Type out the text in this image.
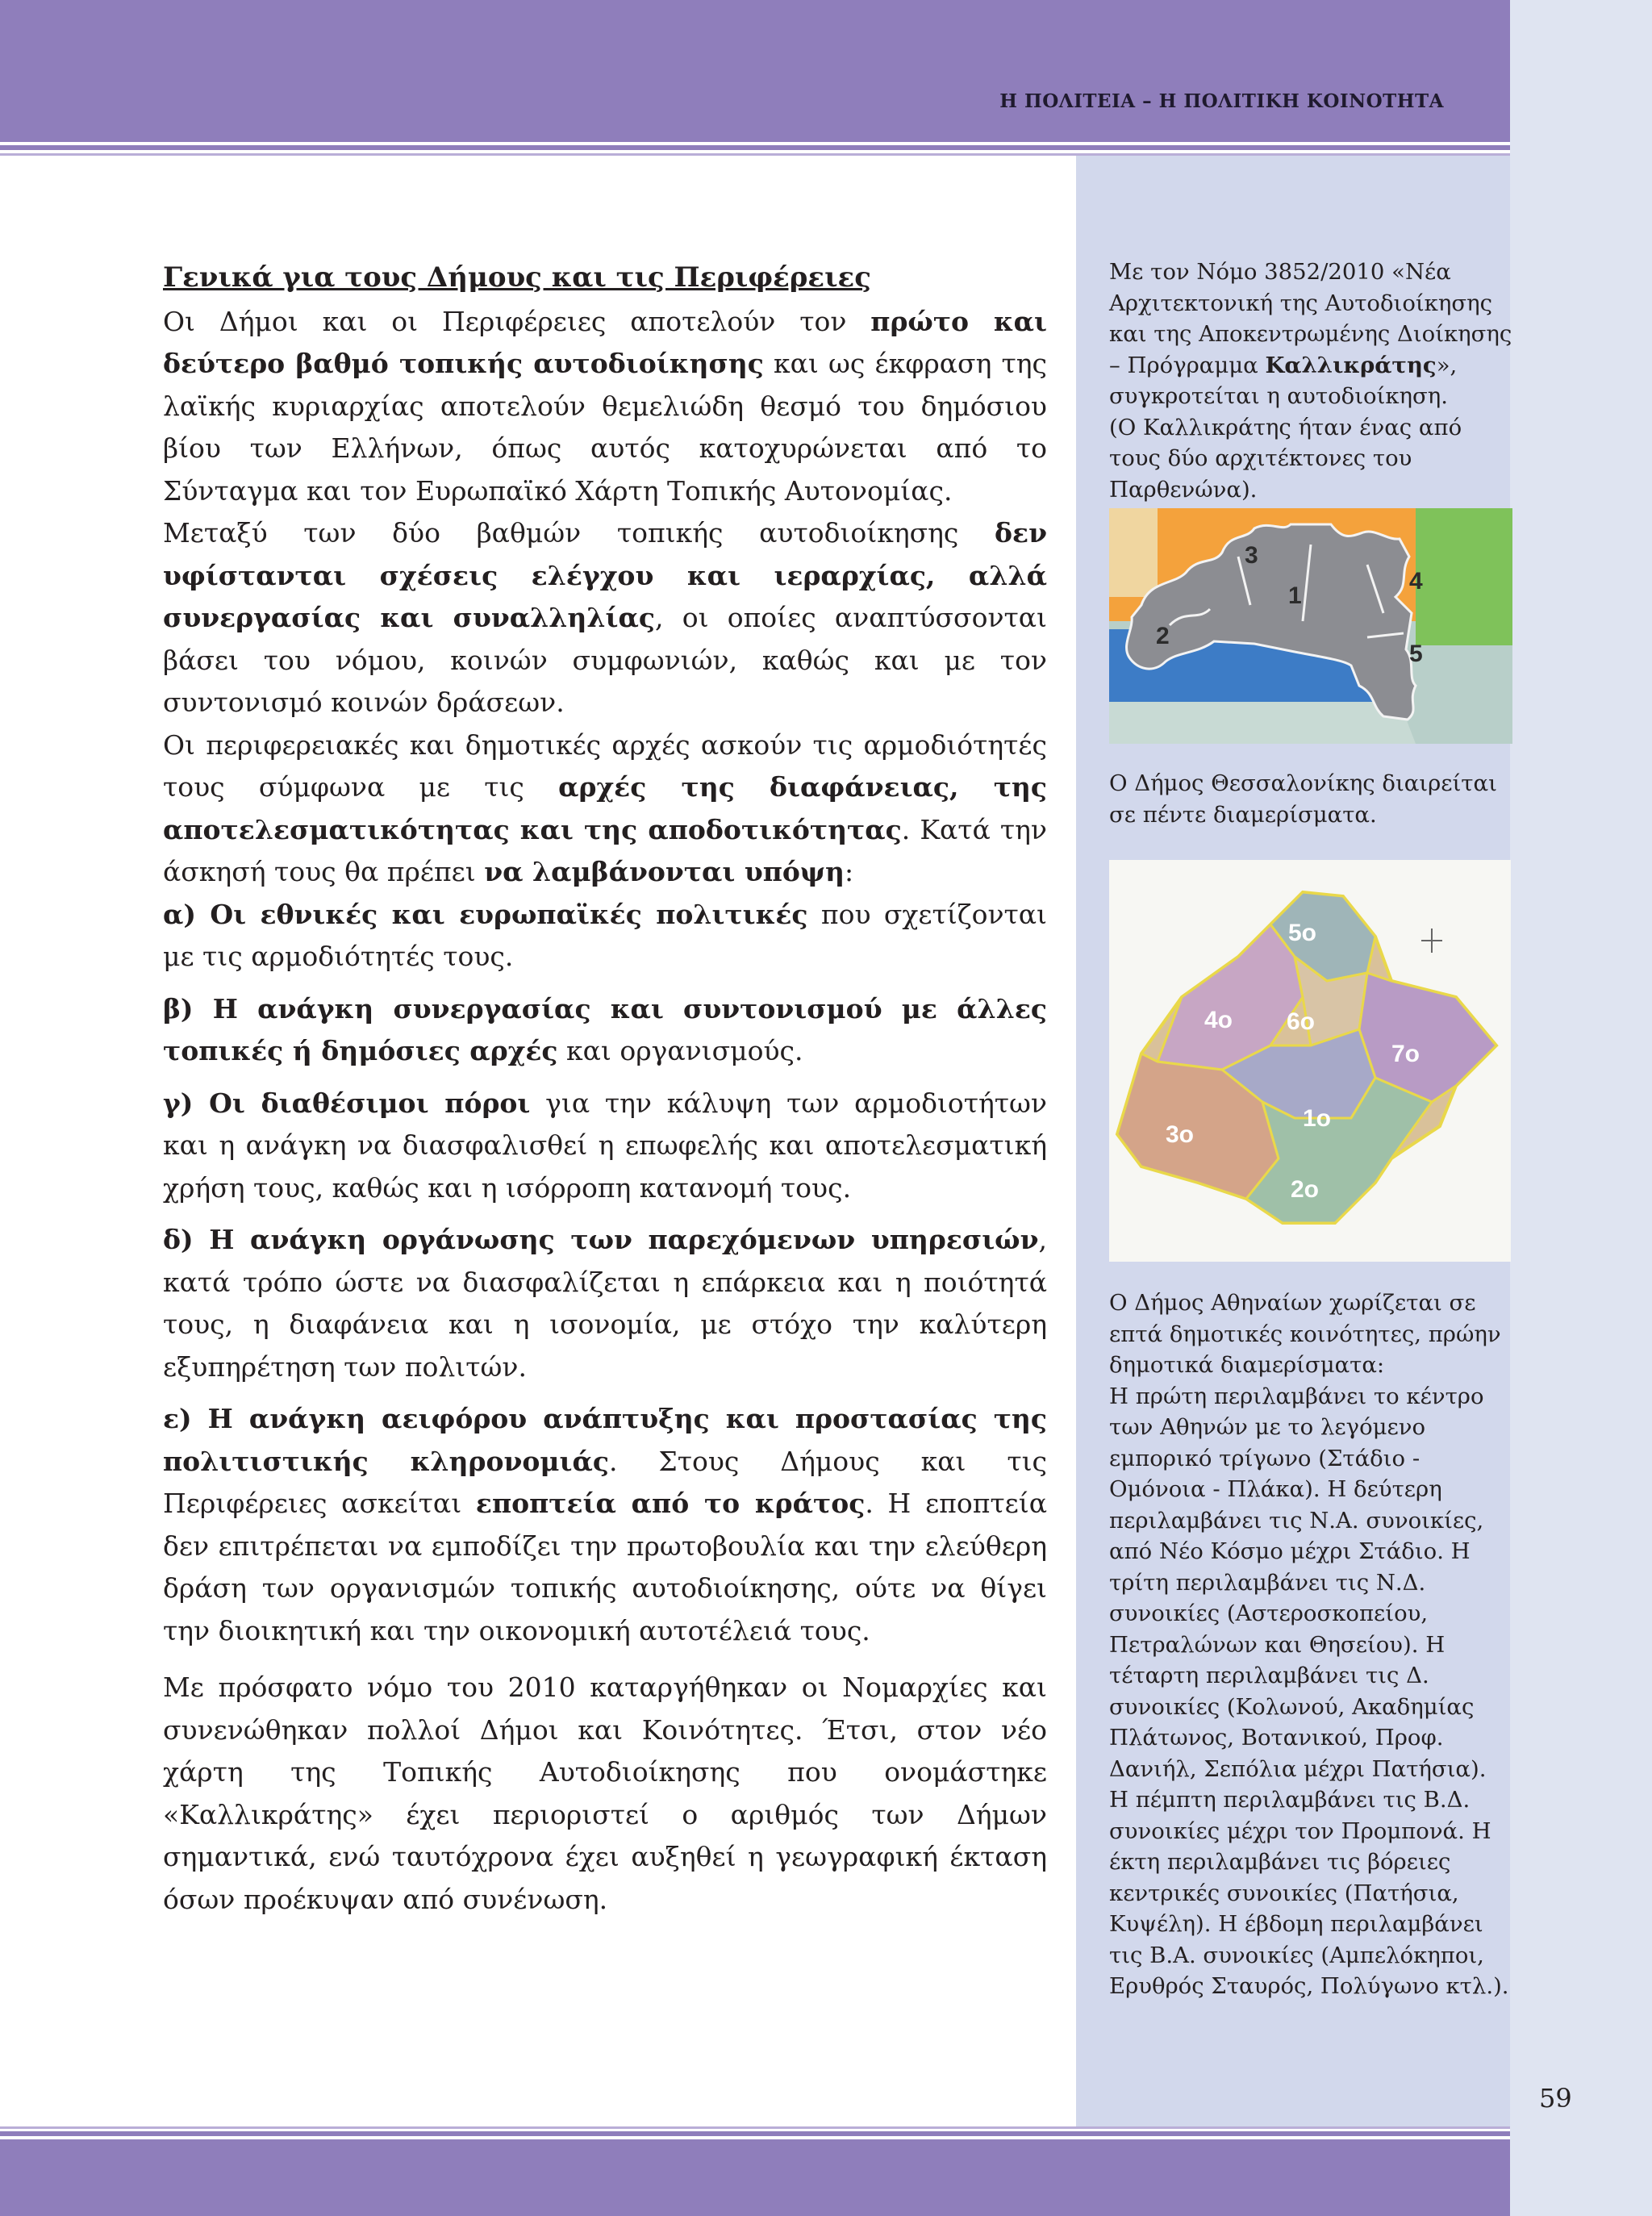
Η ΠΟΛΙΤΕΙΑ – Η ΠΟΛΙΤΙΚΗ ΚΟΙΝΟΤΗΤΑ
59

Γενικά για τους Δήμους και τις Περιφέρειες

Οι Δήμοι και οι Περιφέρειες αποτελούν τον πρώτο και δεύτερο βαθμό τοπικής αυτοδιοίκησης και ως έκφραση της λαϊκής κυριαρχίας αποτελούν θεμελιώδη θεσμό του δημόσιου βίου των Ελλήνων, όπως αυτός κατοχυρώνεται από το Σύνταγμα και τον Ευρωπαϊκό Χάρτη Τοπικής Αυτονομίας.

Μεταξύ των δύο βαθμών τοπικής αυτοδιοίκησης δεν υφίστανται σχέσεις ελέγχου και ιεραρχίας, αλλά συνεργασίας και συναλληλίας, οι οποίες αναπτύσσονται βάσει του νόμου, κοινών συμφωνιών, καθώς και με τον συντονισμό κοινών δράσεων.

Οι περιφερειακές και δημοτικές αρχές ασκούν τις αρμοδιότητές τους σύμφωνα με τις αρχές της διαφάνειας, της αποτελεσματικότητας και της αποδοτικότητας. Κατά την άσκησή τους θα πρέπει να λαμβάνονται υπόψη:

α) Οι εθνικές και ευρωπαϊκές πολιτικές που σχετίζονται με τις αρμοδιότητές τους.

β) Η ανάγκη συνεργασίας και συντονισμού με άλλες τοπικές ή δημόσιες αρχές και οργανισμούς.

γ) Οι διαθέσιμοι πόροι για την κάλυψη των αρμοδιοτήτων και η ανάγκη να διασφαλισθεί η επωφελής και αποτελεσματική χρήση τους, καθώς και η ισόρροπη κατανομή τους.

δ) Η ανάγκη οργάνωσης των παρεχόμενων υπηρεσιών, κατά τρόπο ώστε να διασφαλίζεται η επάρκεια και η ποιότητά τους, η διαφάνεια και η ισονομία, με στόχο την καλύτερη εξυπηρέτηση των πολιτών.

ε) Η ανάγκη αειφόρου ανάπτυξης και προστασίας της πολιτιστικής κληρονομιάς. Στους Δήμους και τις Περιφέρειες ασκείται εποπτεία από το κράτος. Η εποπτεία δεν επιτρέπεται να εμποδίζει την πρωτοβουλία και την ελεύθερη δράση των οργανισμών τοπικής αυτοδιοίκησης, ούτε να θίγει την διοικητική και την οικονομική αυτοτέλειά τους.

Με πρόσφατο νόμο του 2010 καταργήθηκαν οι Νομαρχίες και συνενώθηκαν πολλοί Δήμοι και Κοινότητες. Έτσι, στον νέο χάρτη της Τοπικής Αυτοδιοίκησης που ονομάστηκε «Καλλικράτης» έχει περιοριστεί ο αριθμός των Δήμων σημαντικά, ενώ ταυτόχρονα έχει αυξηθεί η γεωγραφική έκταση όσων προέκυψαν από συνένωση.

Με τον Νόμο 3852/2010 «Νέα Αρχιτεκτονική της Αυτοδιοίκησης και της Αποκεντρωμένης Διοίκησης – Πρόγραμμα Καλλικράτης», συγκροτείται η αυτοδιοίκηση.

(Ο Καλλικράτης ήταν ένας από τους δύο αρχιτέκτονες του Παρθενώνα).

3
1
2
4
5
Ο Δήμος Θεσσαλονίκης διαιρείται σε πέντε διαμερίσματα.
5ο
4ο 6ο
7ο
1ο
3ο
2ο

Ο Δήμος Αθηναίων χωρίζεται σε επτά δημοτικές κοινότητες, πρώην δημοτικά διαμερίσματα:

Η πρώτη περιλαμβάνει το κέντρο των Αθηνών με το λεγόμενο εμπορικό τρίγωνο (Στάδιο - Ομόνοια - Πλάκα). Η δεύτερη περιλαμβάνει τις Ν.Α. συνοικίες, από Νέο Κόσμο μέχρι Στάδιο. Η τρίτη περιλαμβάνει τις Ν.Δ. συνοικίες (Αστεροσκοπείου, Πετραλώνων και Θησείου). Η τέταρτη περιλαμβάνει τις Δ. συνοικίες (Κολωνού, Ακαδημίας Πλάτωνος, Βοτανικού, Προφ. Δανιήλ, Σεπόλια μέχρι Πατήσια). Η πέμπτη περιλαμβάνει τις Β.Δ. συνοικίες μέχρι τον Προμπονά. Η έκτη περιλαμβάνει τις βόρειες κεντρικές συνοικίες (Πατήσια, Κυψέλη). Η έβδομη περιλαμβάνει τις Β.Α. συνοικίες (Αμπελόκηποι, Ερυθρός Σταυρός, Πολύγωνο κτλ.).
